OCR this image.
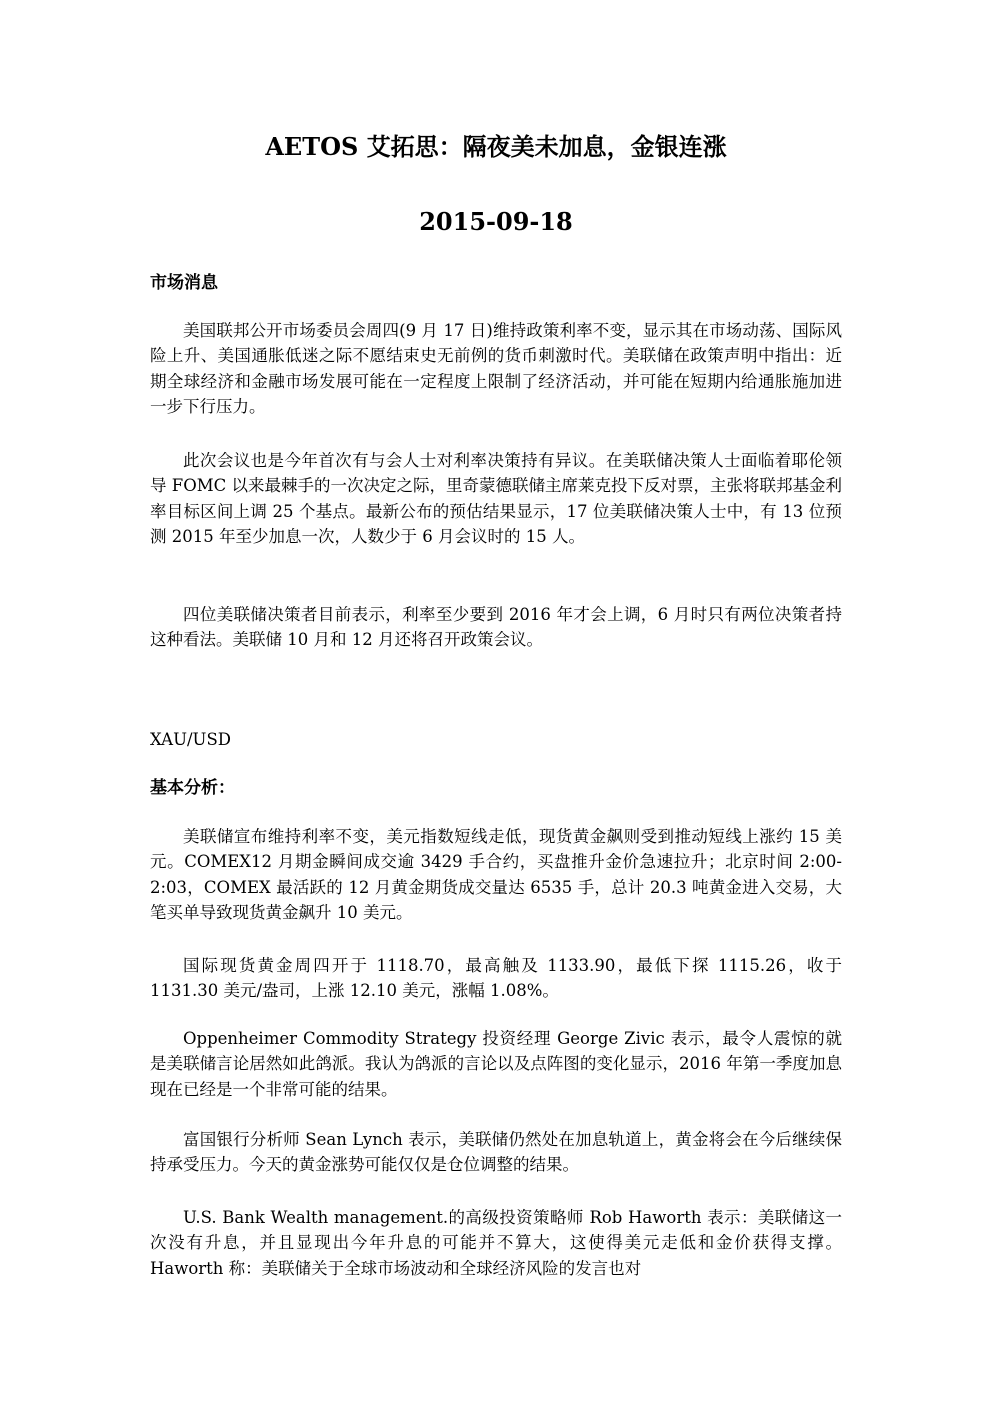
AETOS 艾拓思：隔夜美未加息，金银连涨
2015-09-18
市场消息

美国联邦公开市场委员会周四(9 月 17 日)维持政策利率不变，显示其在市场动荡、国际风险上升、美国通胀低迷之际不愿结束史无前例的货币刺激时代。美联储在政策声明中指出：近期全球经济和金融市场发展可能在一定程度上限制了经济活动，并可能在短期内给通胀施加进一步下行压力。

此次会议也是今年首次有与会人士对利率决策持有异议。在美联储决策人士面临着耶伦领导 FOMC 以来最棘手的一次决定之际，里奇蒙德联储主席莱克投下反对票，主张将联邦基金利率目标区间上调 25 个基点。最新公布的预估结果显示，17 位美联储决策人士中，有 13 位预测 2015 年至少加息一次，人数少于 6 月会议时的 15 人。

四位美联储决策者目前表示，利率至少要到 2016 年才会上调，6 月时只有两位决策者持这种看法。美联储 10 月和 12 月还将召开政策会议。

XAU/USD
基本分析：

美联储宣布维持利率不变，美元指数短线走低，现货黄金飙则受到推动短线上涨约 15 美元。COMEX12 月期金瞬间成交逾 3429 手合约，买盘推升金价急速拉升；北京时间 2:00-2:03，COMEX 最活跃的 12 月黄金期货成交量达 6535 手，总计 20.3 吨黄金进入交易，大笔买单导致现货黄金飙升 10 美元。

国际现货黄金周四开于 1118.70，最高触及 1133.90，最低下探 1115.26，收于 1131.30 美元/盎司，上涨 12.10 美元，涨幅 1.08%。

Oppenheimer Commodity Strategy 投资经理 George Zivic 表示，最令人震惊的就是美联储言论居然如此鸽派。我认为鸽派的言论以及点阵图的变化显示，2016 年第一季度加息现在已经是一个非常可能的结果。

富国银行分析师 Sean Lynch 表示，美联储仍然处在加息轨道上，黄金将会在今后继续保持承受压力。今天的黄金涨势可能仅仅是仓位调整的结果。

U.S. Bank Wealth management.的高级投资策略师 Rob Haworth 表示：美联储这一次没有升息，并且显现出今年升息的可能并不算大，这使得美元走低和金价获得支撑。Haworth 称：美联储关于全球市场波动和全球经济风险的发言也对
